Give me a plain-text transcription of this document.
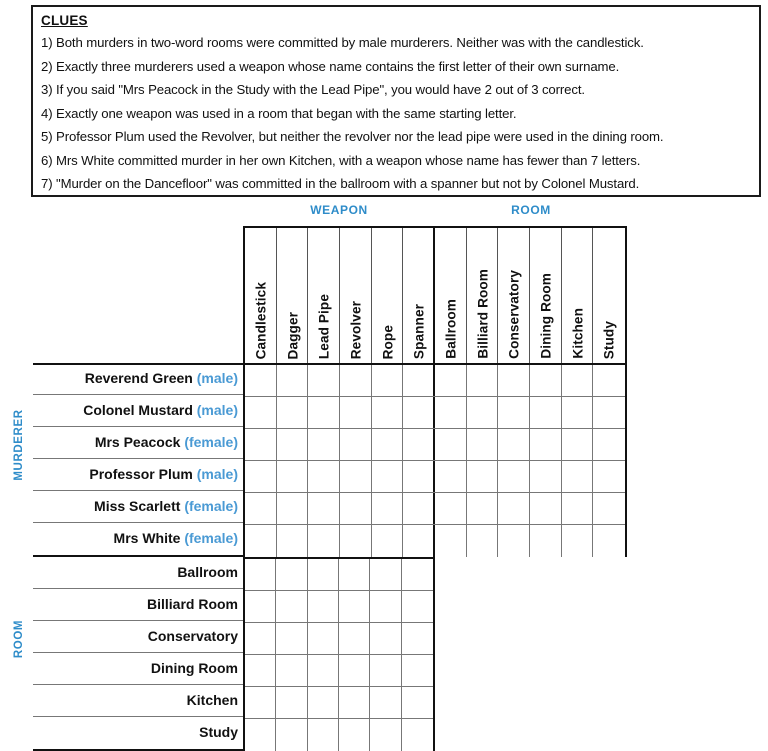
CLUES
1) Both murders in two-word rooms were committed by male murderers. Neither was with the candlestick.
2) Exactly three murderers used a weapon whose name contains the first letter of their own surname.
3) If you said "Mrs Peacock in the Study with the Lead Pipe", you would have 2 out of 3 correct.
4) Exactly one weapon was used in a room that began with the same starting letter.
5) Professor Plum used the Revolver, but neither the revolver nor the lead pipe were used in the dining room.
6) Mrs White committed murder in her own Kitchen, with a weapon whose name has fewer than 7 letters.
7) "Murder on the Dancefloor" was committed in the ballroom with a spanner but not by Colonel Mustard.
WEAPON	ROOM
MURDERER
ROOM
Candlestick Dagger Lead Pipe Revolver Rope Spanner Ballroom Billiard Room Conservatory Dining Room Kitchen Study
Reverend Green (male)
Colonel Mustard (male)
Mrs Peacock (female)
Professor Plum (male)
Miss Scarlett (female)
Mrs White (female)
Ballroom
Billiard Room
Conservatory
Dining Room
Kitchen
Study
